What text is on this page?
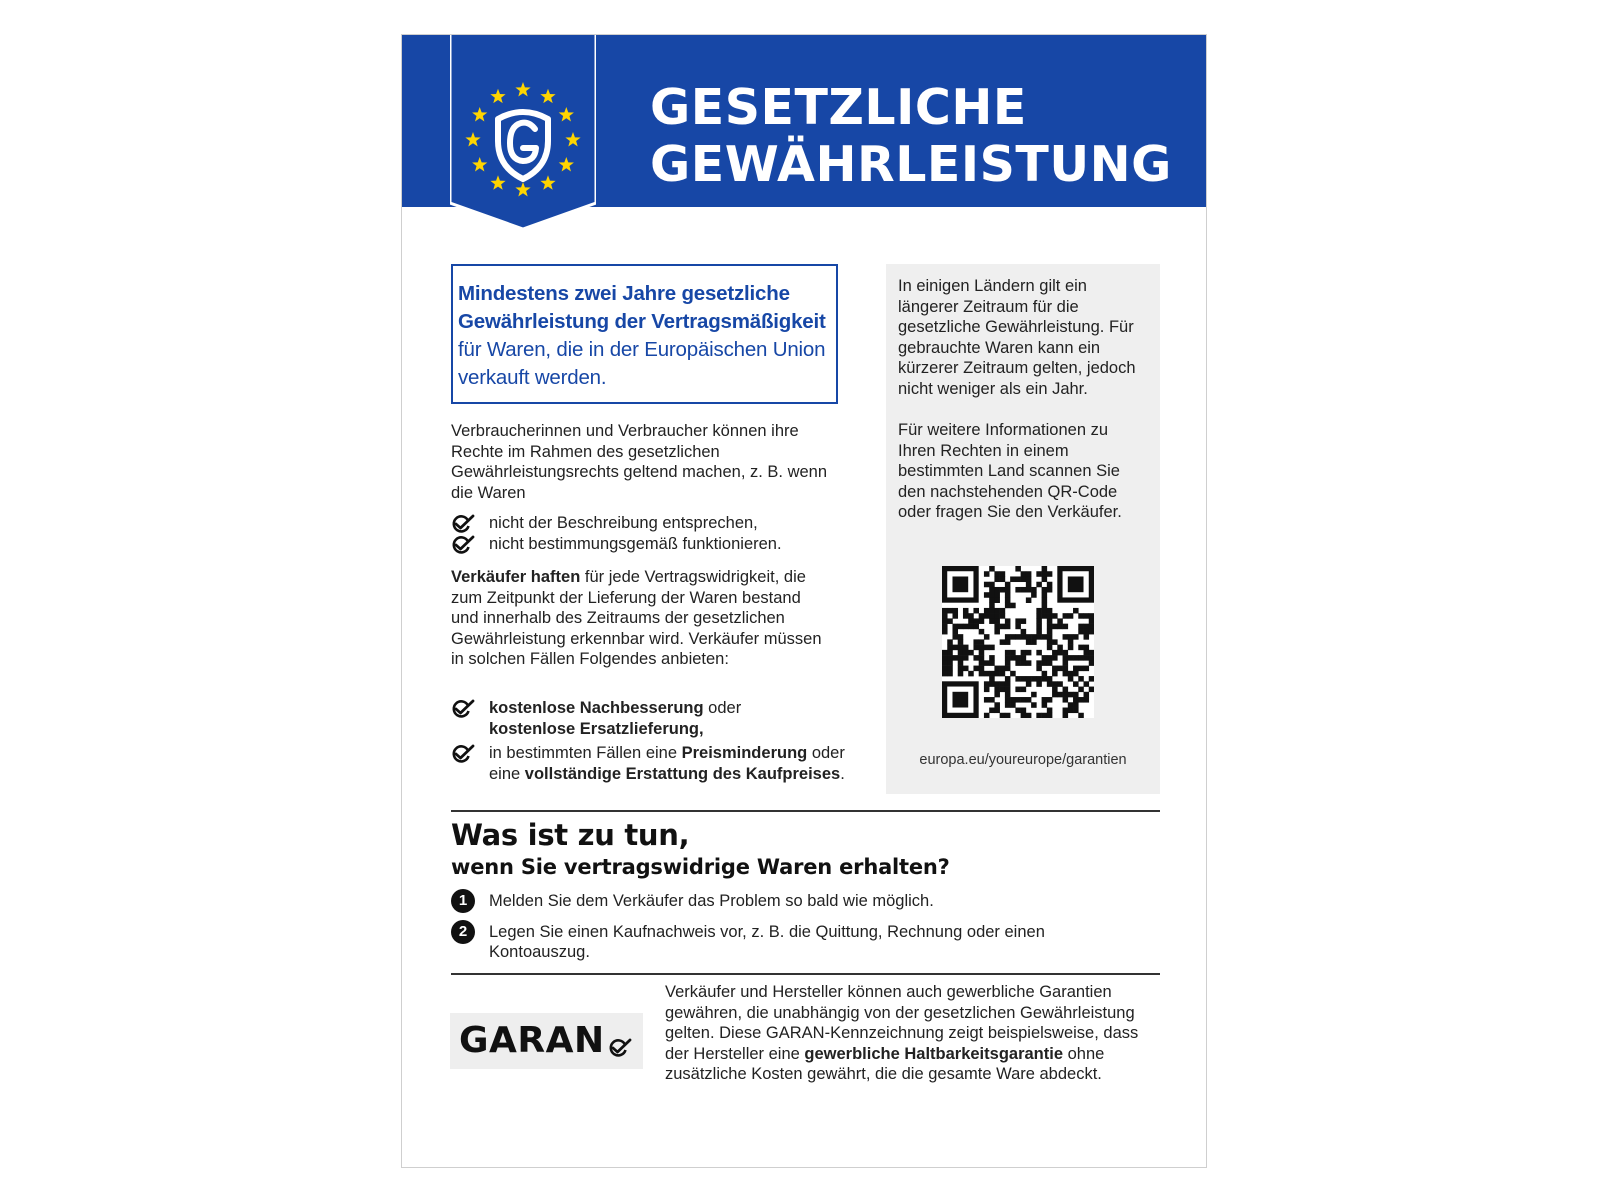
GESETZLICHE
GEWÄHRLEISTUNG
Mindestens zwei Jahre gesetzliche Gewährleistung der Vertragsmäßigkeit für Waren, die in der Europäischen Union verkauft werden.
Verbraucherinnen und Verbraucher können ihre Rechte im Rahmen des gesetzlichen Gewährleistungsrechts geltend machen, z. B. wenn die Waren
nicht der Beschreibung entsprechen,
nicht bestimmungsgemäß funktionieren.
Verkäufer haften für jede Vertragswidrigkeit, die zum Zeitpunkt der Lieferung der Waren bestand und innerhalb des Zeitraums der gesetzlichen Gewährleistung erkennbar wird. Verkäufer müssen in solchen Fällen Folgendes anbieten:
kostenlose Nachbesserung oder
kostenlose Ersatzlieferung,
in bestimmten Fällen eine Preisminderung oder eine vollständige Erstattung des Kaufpreises.

In einigen Ländern gilt ein längerer Zeitraum für die gesetzliche Gewährleistung. Für gebrauchte Waren kann ein kürzerer Zeitraum gelten, jedoch nicht weniger als ein Jahr.

Für weitere Informationen zu Ihren Rechten in einem bestimmten Land scannen Sie den nachstehenden QR-Code oder fragen Sie den Verkäufer.

europa.eu/youreurope/garantien
Was ist zu tun,
wenn Sie vertragswidrige Waren erhalten?
1	Melden Sie dem Verkäufer das Problem so bald wie möglich.
2	Legen Sie einen Kaufnachweis vor, z. B. die Quittung, Rechnung oder einen Kontoauszug.
GARAN
Verkäufer und Hersteller können auch gewerbliche Garantien gewähren, die unabhängig von der gesetzlichen Gewährleistung gelten. Diese GARAN-Kennzeichnung zeigt beispielsweise, dass der Hersteller eine gewerbliche Haltbarkeitsgarantie ohne zusätzliche Kosten gewährt, die die gesamte Ware abdeckt.
